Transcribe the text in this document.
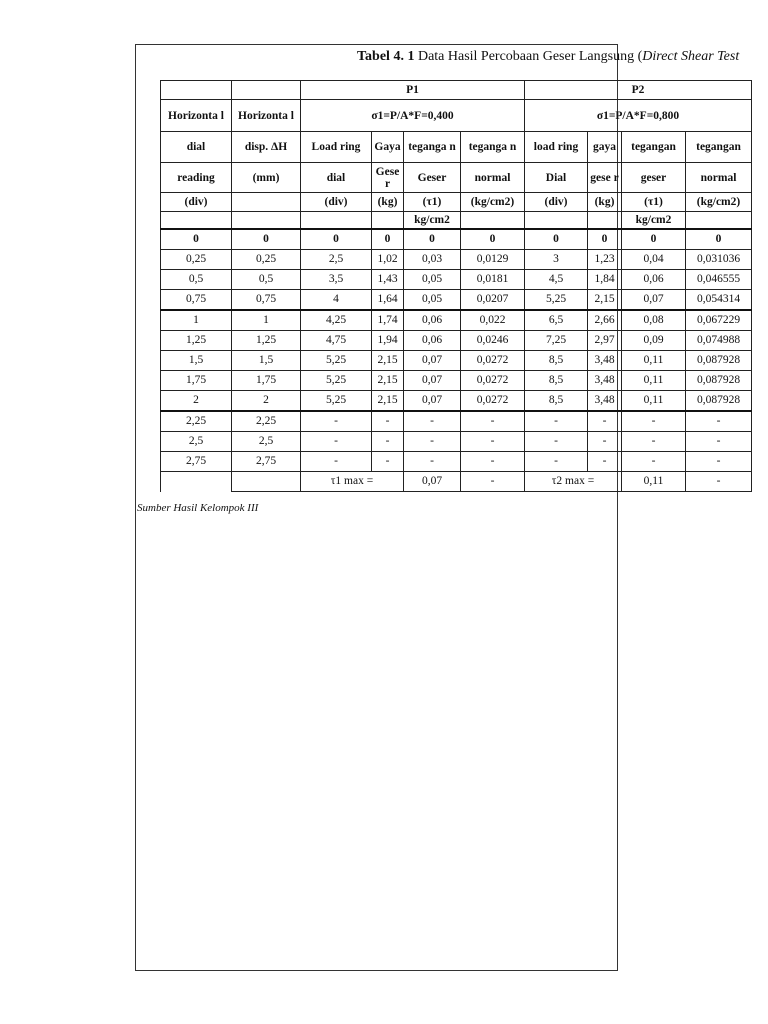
Tabel 4. 1 Data Hasil Percobaan Geser Langsung (Direct Shear Test
		P1				P2			
Horizonta l	Horizonta l	σ1=P/A*F=0,400				σ1=P/A*F=0,800			
dial	disp. ΔH	Load ring	Gaya	teganga n	teganga n	load ring	gaya	tegangan	tegangan
reading	(mm)	dial	Gese r	Geser	normal	Dial	gese r	geser	normal
(div)		(div)	(kg)	(τ1)	(kg/cm2)	(div)	(kg)	(τ1)	(kg/cm2)
				kg/cm2				kg/cm2	
0	0	0	0	0	0	0	0	0	0
0,25	0,25	2,5	1,02	0,03	0,0129	3	1,23	0,04	0,031036
0,5	0,5	3,5	1,43	0,05	0,0181	4,5	1,84	0,06	0,046555
0,75	0,75	4	1,64	0,05	0,0207	5,25	2,15	0,07	0,054314
1	1	4,25	1,74	0,06	0,022	6,5	2,66	0,08	0,067229
1,25	1,25	4,75	1,94	0,06	0,0246	7,25	2,97	0,09	0,074988
1,5	1,5	5,25	2,15	0,07	0,0272	8,5	3,48	0,11	0,087928
1,75	1,75	5,25	2,15	0,07	0,0272	8,5	3,48	0,11	0,087928
2	2	5,25	2,15	0,07	0,0272	8,5	3,48	0,11	0,087928
2,25	2,25	-	-	-	-	-	-	-	-
2,5	2,5	-	-	-	-	-	-	-	-
2,75	2,75	-	-	-	-	-	-	-	-
		τ1 max =		0,07	-	τ2 max =		0,11	-
Sumber Hasil Kelompok III
